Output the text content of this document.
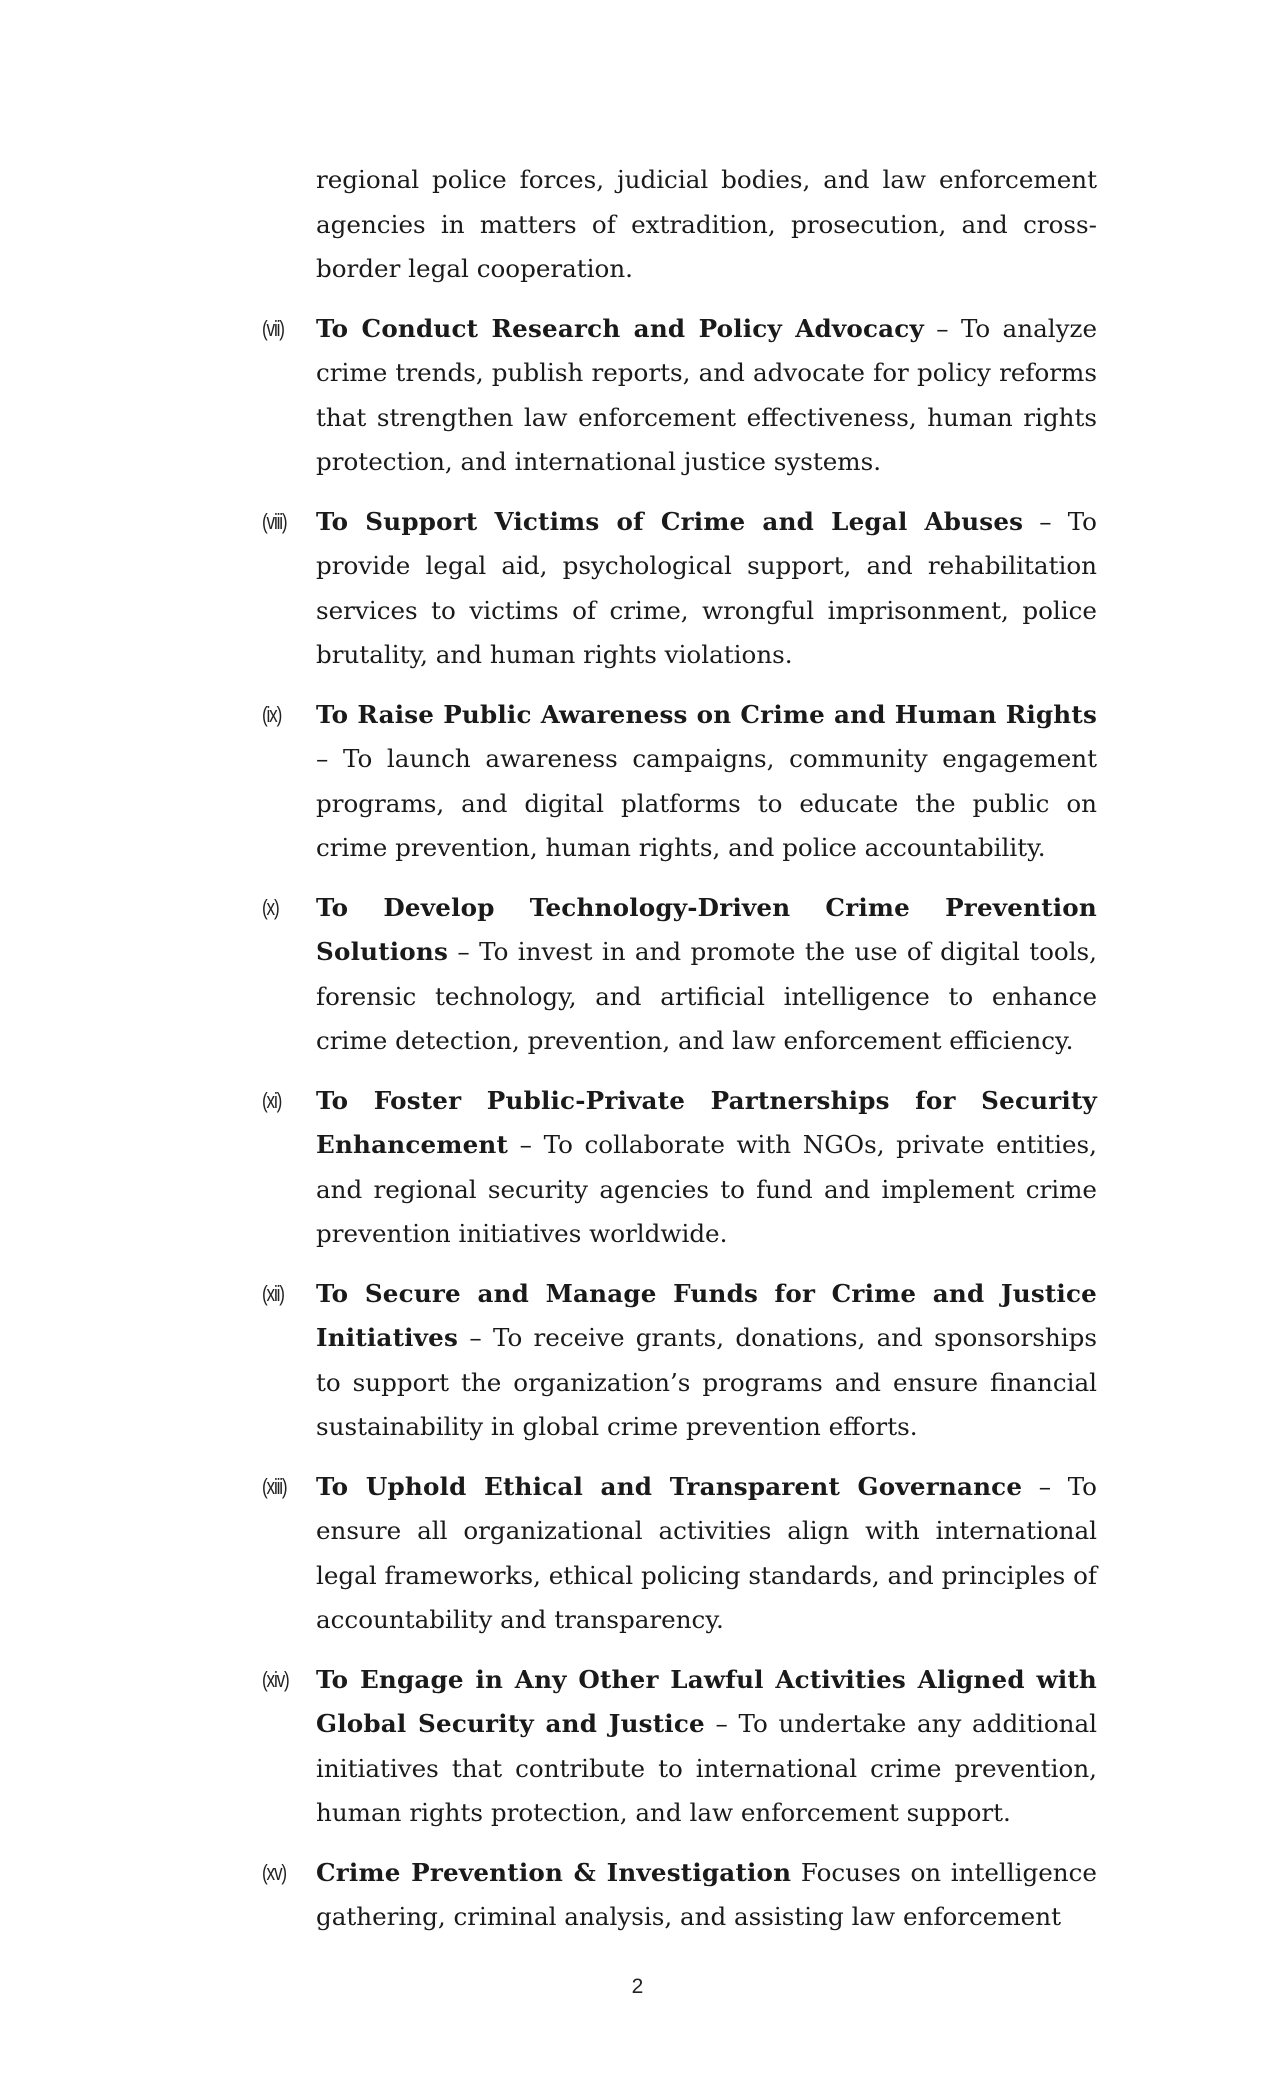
regional police forces, judicial bodies, and law enforcement agencies in matters of extradition, prosecution, and cross-border legal cooperation.

(vii) To Conduct Research and Policy Advocacy – To analyze crime trends, publish reports, and advocate for policy reforms that strengthen law enforcement effectiveness, human rights protection, and international justice systems.

(viii) To Support Victims of Crime and Legal Abuses – To provide legal aid, psychological support, and rehabilitation services to victims of crime, wrongful imprisonment, police brutality, and human rights violations.

(ix) To Raise Public Awareness on Crime and Human Rights – To launch awareness campaigns, community engagement programs, and digital platforms to educate the public on crime prevention, human rights, and police accountability.

(x) To Develop Technology-Driven Crime Prevention Solutions – To invest in and promote the use of digital tools, forensic technology, and artificial intelligence to enhance crime detection, prevention, and law enforcement efficiency.

(xi) To Foster Public-Private Partnerships for Security Enhancement – To collaborate with NGOs, private entities, and regional security agencies to fund and implement crime prevention initiatives worldwide.

(xii) To Secure and Manage Funds for Crime and Justice Initiatives – To receive grants, donations, and sponsorships to support the organization’s programs and ensure financial sustainability in global crime prevention efforts.

(xiii) To Uphold Ethical and Transparent Governance – To ensure all organizational activities align with international legal frameworks, ethical policing standards, and principles of accountability and transparency.

(xiv) To Engage in Any Other Lawful Activities Aligned with Global Security and Justice – To undertake any additional initiatives that contribute to international crime prevention, human rights protection, and law enforcement support.

(xv) Crime Prevention & Investigation Focuses on intelligence gathering, criminal analysis, and assisting law enforcement

2
